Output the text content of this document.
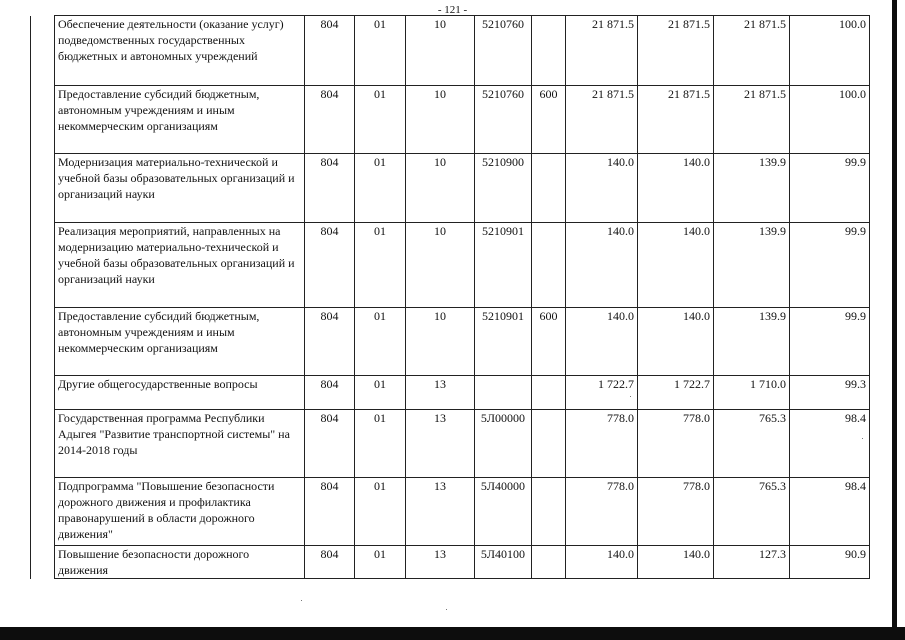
- 121 -
	Обеспечение деятельности (оказание услуг) подведомственных государственных бюджетных и автономных учреждений	804	01	10	5210760		21 871.5	21 871.5	21 871.5	100.0
	Предоставление субсидий бюджетным, автономным учреждениям и иным некоммерческим организациям	804	01	10	5210760	600	21 871.5	21 871.5	21 871.5	100.0
	Модернизация материально-технической и учебной базы образовательных организаций и организаций науки	804	01	10	5210900		140.0	140.0	139.9	99.9
	Реализация мероприятий, направленных на модернизацию материально-технической и учебной базы образовательных организаций и организаций науки	804	01	10	5210901		140.0	140.0	139.9	99.9
	Предоставление субсидий бюджетным, автономным учреждениям и иным некоммерческим организациям	804	01	10	5210901	600	140.0	140.0	139.9	99.9
	Другие общегосударственные вопросы	804	01	13			1 722.7	1 722.7	1 710.0	99.3
	Государственная программа Республики Адыгея "Развитие транспортной системы" на 2014-2018 годы	804	01	13	5Л00000		778.0	778.0	765.3	98.4
	Подпрограмма "Повышение безопасности дорожного движения и профилактика правонарушений в области дорожного движения"	804	01	13	5Л40000		778.0	778.0	765.3	98.4
	Повышение безопасности дорожного движения	804	01	13	5Л40100		140.0	140.0	127.3	90.9
